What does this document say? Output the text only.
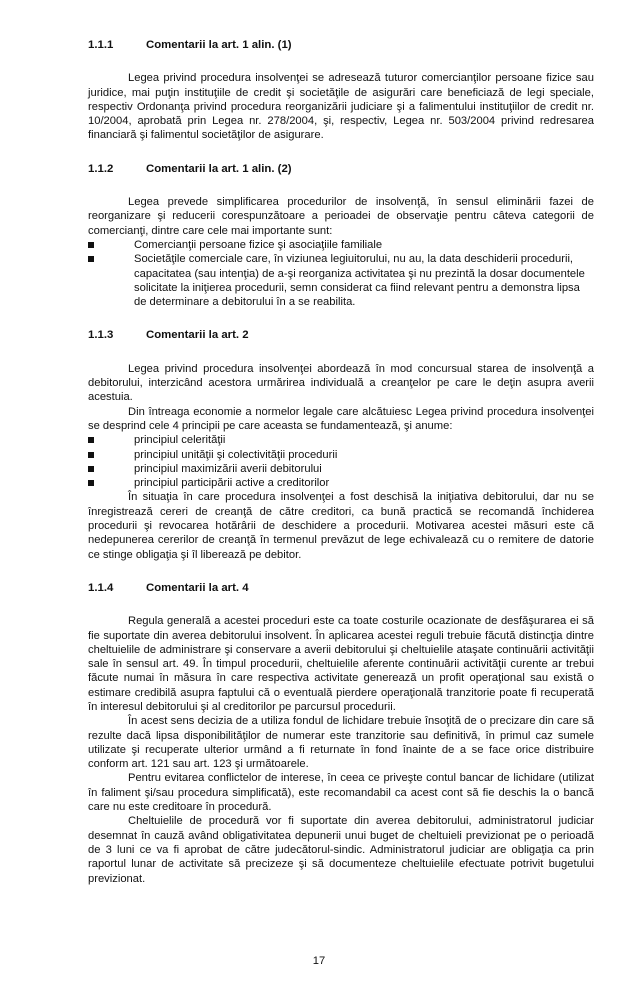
1.1.1	Comentarii la art. 1 alin. (1)

Legea privind procedura insolvenţei se adresează tuturor comercianţilor persoane fizice sau juridice, mai puţin instituţiile de credit şi societăţile de asigurări care beneficiază de legi speciale, respectiv Ordonanţa privind procedura reorganizării judiciare şi a falimentului instituţiilor de credit nr. 10/2004, aprobată prin Legea nr. 278/2004, şi, respectiv, Legea nr. 503/2004 privind redresarea financiară şi falimentul societăţilor de asigurare.

1.1.2	Comentarii la art. 1 alin. (2)

Legea prevede simplificarea procedurilor de insolvenţă, în sensul eliminării fazei de reorganizare şi reducerii corespunzătoare a perioadei de observaţie pentru câteva categorii de comercianţi, dintre care cele mai importante sunt:

Comercianţii persoane fizice şi asociaţiile familiale
Societăţile comerciale care, în viziunea legiuitorului, nu au, la data deschiderii procedurii, capacitatea (sau intenţia) de a-şi reorganiza activitatea şi nu prezintă la dosar documentele solicitate la iniţierea procedurii, semn considerat ca fiind relevant pentru a demonstra lipsa de determinare a debitorului în a se reabilita.
1.1.3	Comentarii la art. 2

Legea privind procedura insolvenţei abordează în mod concursual starea de insolvenţă a debitorului, interzicând acestora urmărirea individuală a creanţelor pe care le deţin asupra averii acestuia.

Din întreaga economie a normelor legale care alcătuiesc Legea privind procedura insolvenţei se desprind cele 4 principii pe care aceasta se fundamentează, şi anume:

principiul celerităţii
principiul unităţii şi colectivităţii procedurii
principiul maximizării averii debitorului
principiul participării active a creditorilor

În situaţia în care procedura insolvenţei a fost deschisă la iniţiativa debitorului, dar nu se înregistrează cereri de creanţă de către creditori, ca bună practică se recomandă închiderea procedurii şi revocarea hotărârii de deschidere a procedurii. Motivarea acestei măsuri este că nedepunerea cererilor de creanţă în termenul prevăzut de lege echivalează cu o remitere de datorie ce stinge obligaţia şi îl liberează pe debitor.

1.1.4	Comentarii la art. 4

Regula generală a acestei proceduri este ca toate costurile ocazionate de desfăşurarea ei să fie suportate din averea debitorului insolvent. În aplicarea acestei reguli trebuie făcută distincţia dintre cheltuielile de administrare şi conservare a averii debitorului şi cheltuielile ataşate continuării activităţii sale în sensul art. 49. În timpul procedurii, cheltuielile aferente continuării activităţii curente ar trebui făcute numai în măsura în care respectiva activitate generează un profit operaţional sau există o estimare credibilă asupra faptului că o eventuală pierdere operaţională tranzitorie poate fi recuperată în interesul debitorului şi al creditorilor pe parcursul procedurii.

În acest sens decizia de a utiliza fondul de lichidare trebuie însoţită de o precizare din care să rezulte dacă lipsa disponibilităţilor de numerar este tranzitorie sau definitivă, în primul caz sumele utilizate şi recuperate ulterior urmând a fi returnate în fond înainte de a se face orice distribuire conform art. 121 sau art. 123 şi următoarele.

Pentru evitarea conflictelor de interese, în ceea ce priveşte contul bancar de lichidare (utilizat în faliment şi/sau procedura simplificată), este recomandabil ca acest cont să fie deschis la o bancă care nu este creditoare în procedură.

Cheltuielile de procedură vor fi suportate din averea debitorului, administratorul judiciar desemnat în cauză având obligativitatea depunerii unui buget de cheltuieli previzionat pe o perioadă de 3 luni ce va fi aprobat de către judecătorul-sindic. Administratorul judiciar are obligaţia ca prin raportul lunar de activitate să precizeze şi să documenteze cheltuielile efectuate potrivit bugetului previzionat.

17
